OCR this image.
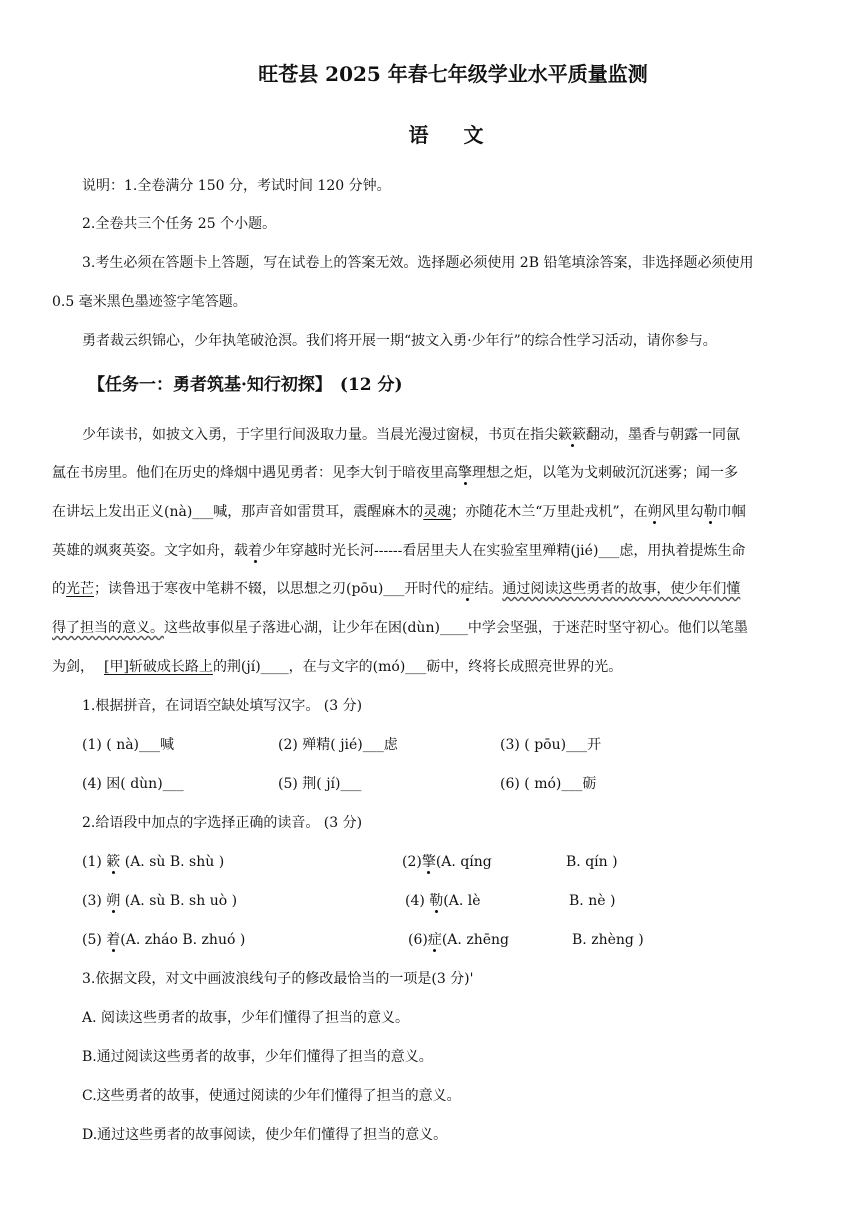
旺苍县 2025 年春七年级学业水平质量监测
语 文
说明：1.全卷满分 150 分，考试时间 120 分钟。
2.全卷共三个任务 25 个小题。
3.考生必须在答题卡上答题，写在试卷上的答案无效。选择题必须使用 2B 铅笔填涂答案，非选择题必须使用
0.5 毫米黑色墨迹签字笔答题。
勇者裁云织锦心，少年执笔破沧溟。我们将开展一期“披文入勇·少年行”的综合性学习活动，请你参与。
【任务一：勇者筑基·知行初探】 (12 分)
少年读书，如披文入勇，于字里行间汲取力量。当晨光漫过窗棂，书页在指尖簌簌翻动，墨香与朝露一同氤
氲在书房里。他们在历史的烽烟中遇见勇者：见李大钊于暗夜里高擎理想之炬，以笔为戈刺破沉沉迷雾；闻一多
在讲坛上发出正义(nà)___喊，那声音如雷贯耳，震醒麻木的灵魂；亦随花木兰“万里赴戎机”，在朔风里勾勒巾帼
英雄的飒爽英姿。文字如舟，载着少年穿越时光长河------看居里夫人在实验室里殚精(jié)___虑，用执着提炼生命
的光芒；读鲁迅于寒夜中笔耕不辍，以思想之刃(pōu)___开时代的症结。通过阅读这些勇者的故事，使少年们懂
得了担当的意义。这些故事似星子落进心湖，让少年在困(dùn)____中学会坚强，于迷茫时坚守初心。他们以笔墨
为剑， [甲]斩破成长路上的荆(jí)____，在与文字的(mó)___砺中，终将长成照亮世界的光。
1.根据拼音，在词语空缺处填写汉字。 (3 分)
(1) ( nà)___喊	(2) 殚精( jié)___虑	(3) ( pōu)___开
(4) 困( dùn)___	(5) 荆( jí)___	(6) ( mó)___砺
2.给语段中加点的字选择正确的读音。 (3 分)
(1) 簌 (A. sù B. shù )	(2)擎(A. qíng	B. qín )
(3) 朔 (A. sù B. sh uò )	(4) 勒(A. lè	B. nè )
(5) 着(A. zháo B. zhuó )	(6)症(A. zhēng	B. zhèng )
3.依据文段，对文中画波浪线句子的修改最恰当的一项是(3 分)'
A. 阅读这些勇者的故事，少年们懂得了担当的意义。
B.通过阅读这些勇者的故事，少年们懂得了担当的意义。
C.这些勇者的故事，使通过阅读的少年们懂得了担当的意义。
D.通过这些勇者的故事阅读，使少年们懂得了担当的意义。
